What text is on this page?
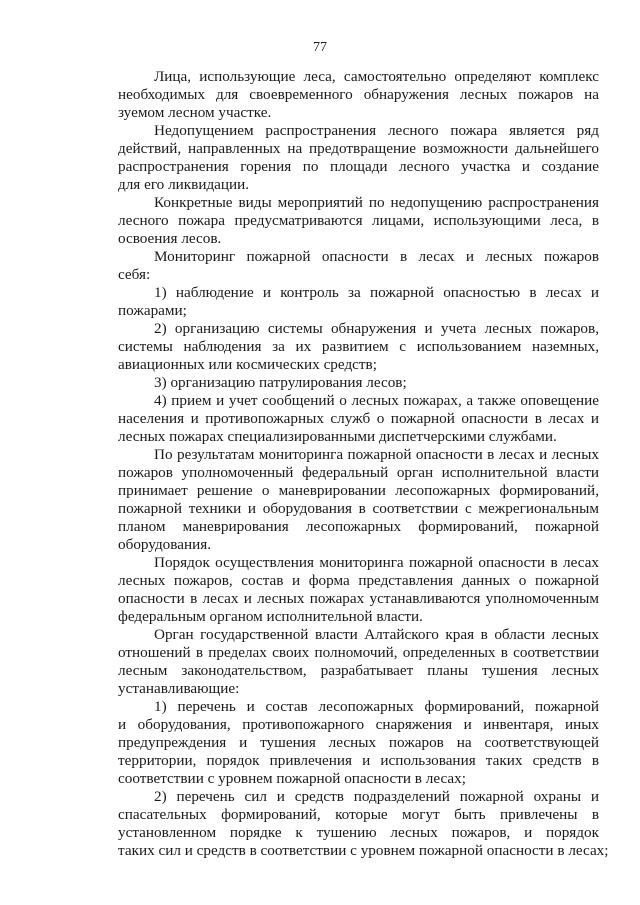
77
Лица, использующие леса, самостоятельно определяют комплекс
необходимых для своевременного обнаружения лесных пожаров на
зуемом лесном участке.
Недопущением распространения лесного пожара является ряд
действий, направленных на предотвращение возможности дальнейшего
распространения горения по площади лесного участка и создание
для его ликвидации.
Конкретные виды мероприятий по недопущению распространения
лесного пожара предусматриваются лицами, использующими леса, в
освоения лесов.
Мониторинг пожарной опасности в лесах и лесных пожаров
себя:
1) наблюдение и контроль за пожарной опасностью в лесах и
пожарами;
2) организацию системы обнаружения и учета лесных пожаров,
системы наблюдения за их развитием с использованием наземных,
авиационных или космических средств;
3) организацию патрулирования лесов;
4) прием и учет сообщений о лесных пожарах, а также оповещение
населения и противопожарных служб о пожарной опасности в лесах и
лесных пожарах специализированными диспетчерскими службами.
По результатам мониторинга пожарной опасности в лесах и лесных
пожаров уполномоченный федеральный орган исполнительной власти
принимает решение о маневрировании лесопожарных формирований,
пожарной техники и оборудования в соответствии с межрегиональным
планом маневрирования лесопожарных формирований, пожарной
оборудования.
Порядок осуществления мониторинга пожарной опасности в лесах
лесных пожаров, состав и форма представления данных о пожарной
опасности в лесах и лесных пожарах устанавливаются уполномоченным
федеральным органом исполнительной власти.
Орган государственной власти Алтайского края в области лесных
отношений в пределах своих полномочий, определенных в соответствии
лесным законодательством, разрабатывает планы тушения лесных
устанавливающие:
1) перечень и состав лесопожарных формирований, пожарной
и оборудования, противопожарного снаряжения и инвентаря, иных
предупреждения и тушения лесных пожаров на соответствующей
территории, порядок привлечения и использования таких средств в
соответствии с уровнем пожарной опасности в лесах;
2) перечень сил и средств подразделений пожарной охраны и
спасательных формирований, которые могут быть привлечены в
установленном порядке к тушению лесных пожаров, и порядок
таких сил и средств в соответствии с уровнем пожарной опасности в лесах;
